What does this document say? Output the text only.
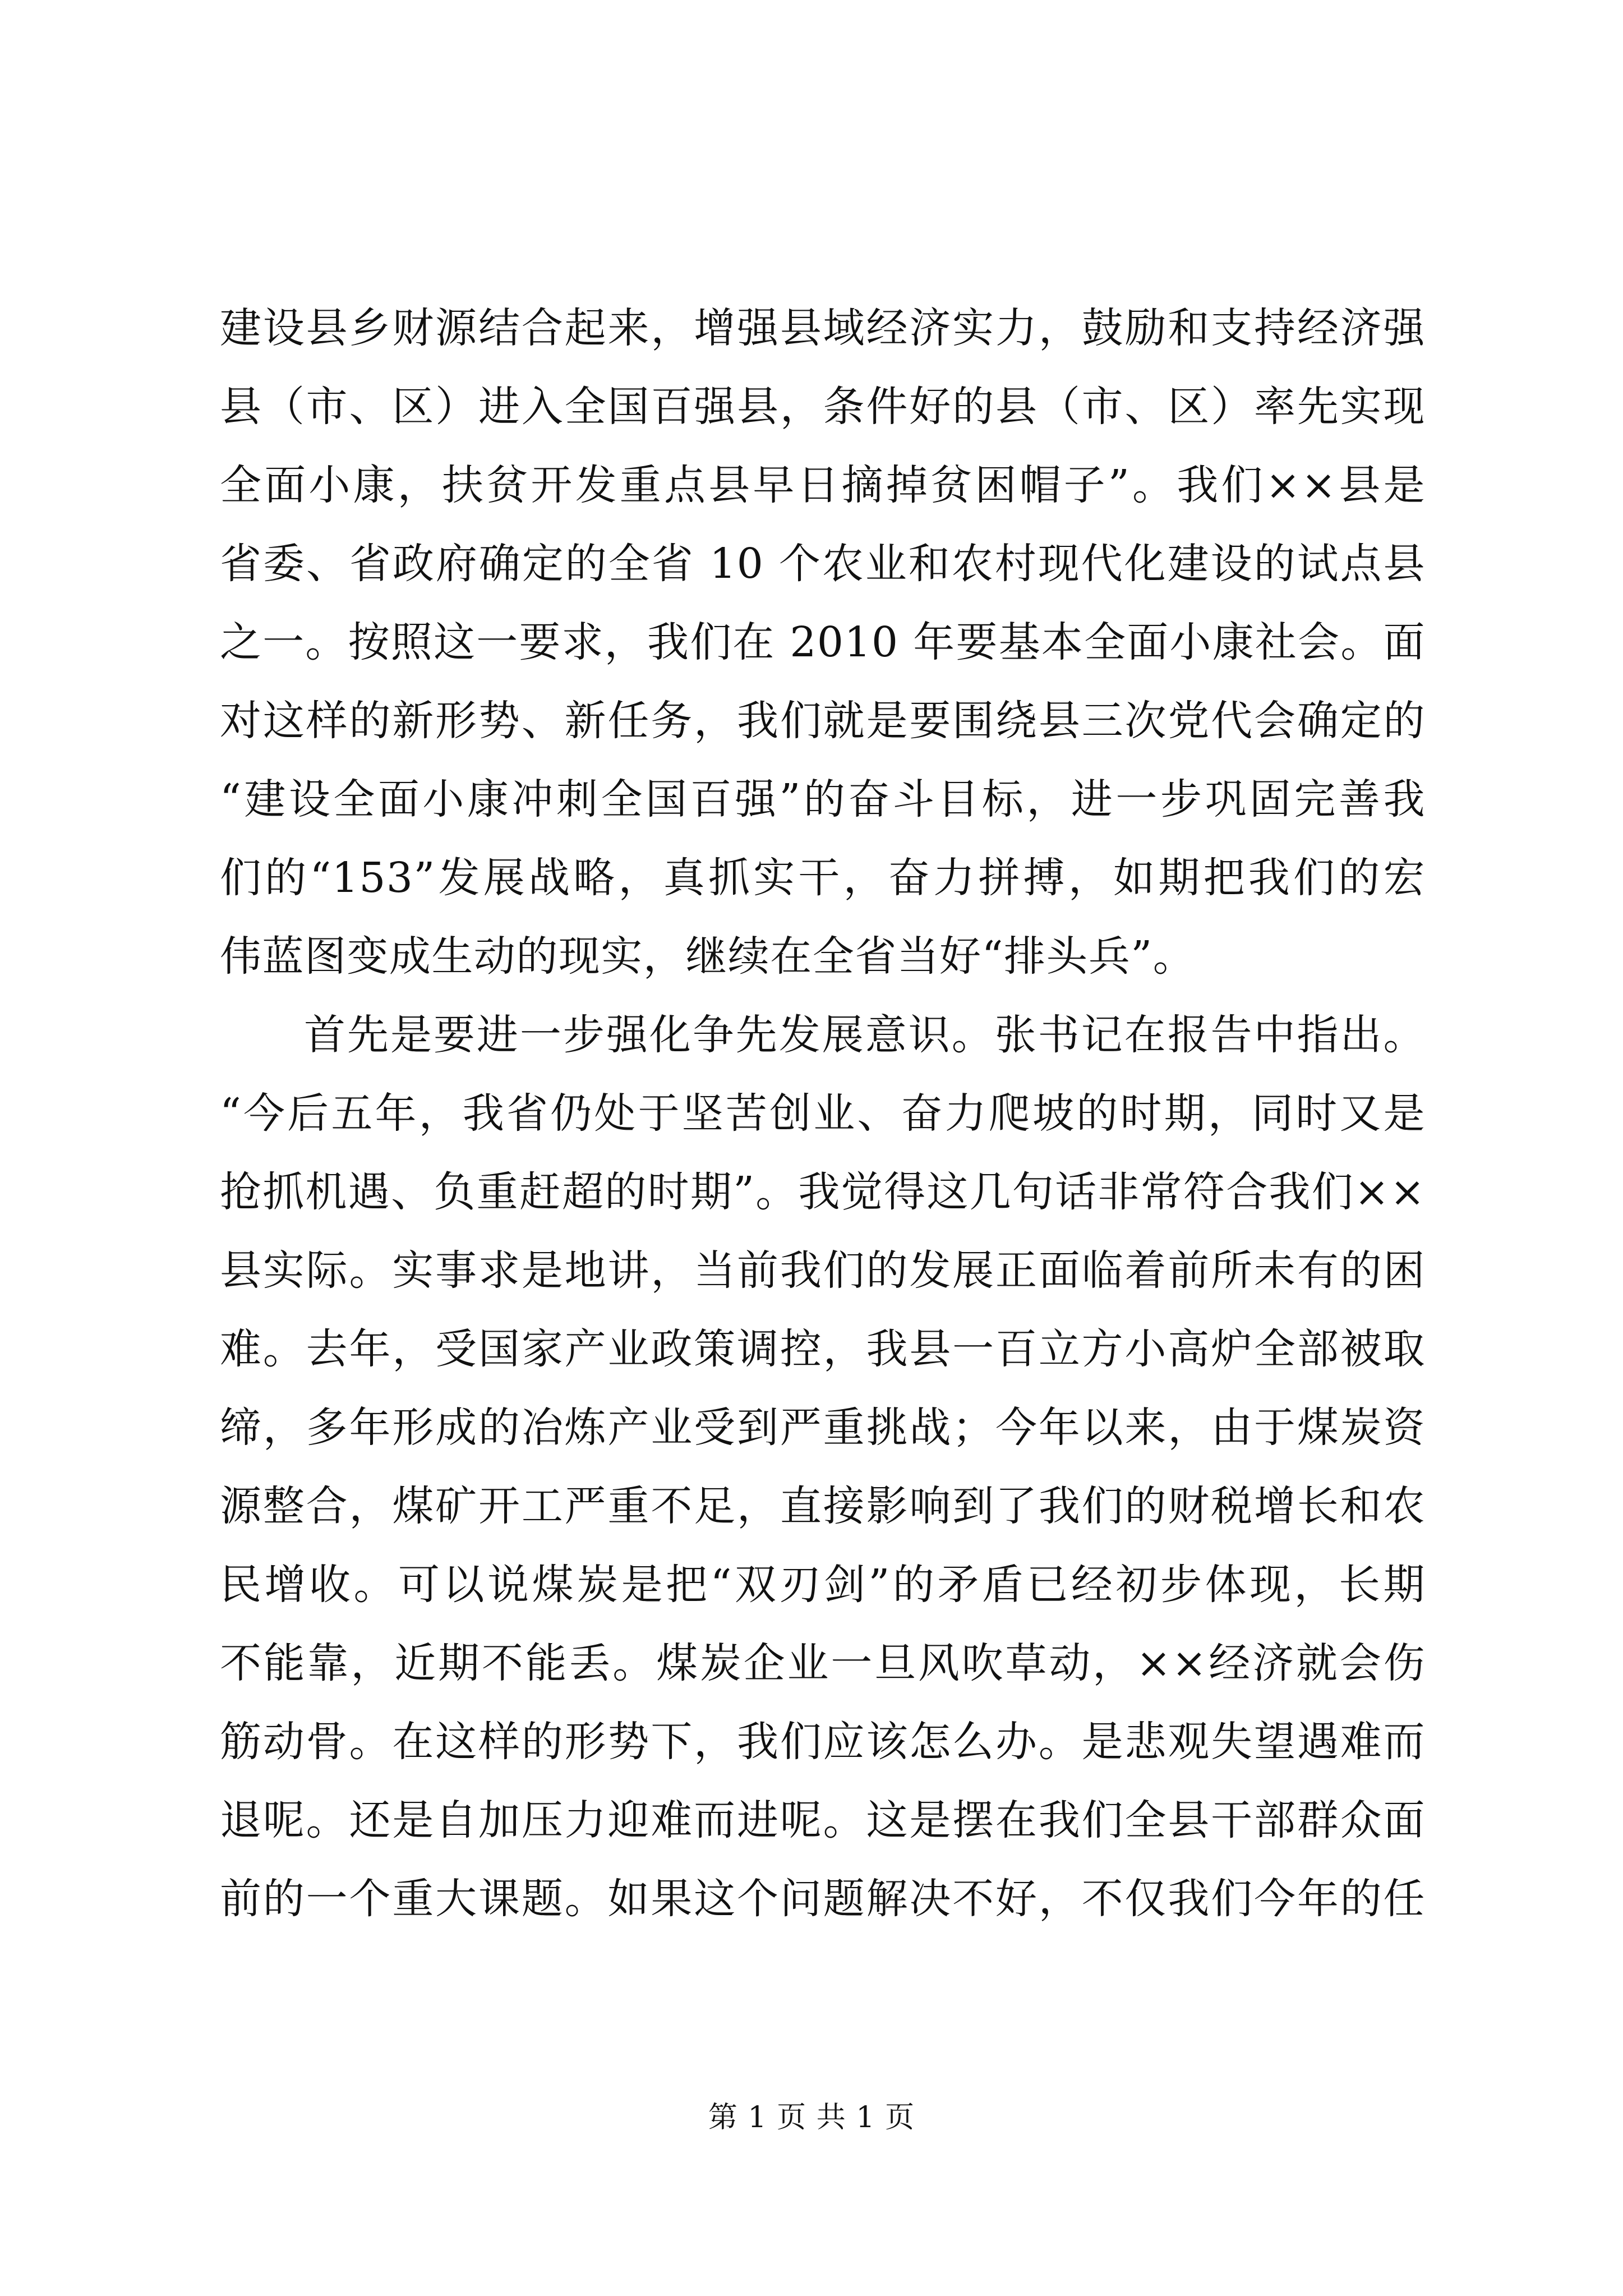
建设县乡财源结合起来，增强县域经济实力，鼓励和支持经济强
县（市、区）进入全国百强县，条件好的县（市、区）率先实现
全面小康，扶贫开发重点县早日摘掉贫困帽子”。我们××县是
省委、省政府确定的全省 10 个农业和农村现代化建设的试点县
之一。按照这一要求，我们在 2010 年要基本全面小康社会。面
对这样的新形势、新任务，我们就是要围绕县三次党代会确定的
“建设全面小康冲刺全国百强”的奋斗目标，进一步巩固完善我
们的“153”发展战略，真抓实干，奋力拼搏，如期把我们的宏
伟蓝图变成生动的现实，继续在全省当好“排头兵”。
首先是要进一步强化争先发展意识。张书记在报告中指出。
“今后五年，我省仍处于坚苦创业、奋力爬坡的时期，同时又是
抢抓机遇、负重赶超的时期”。我觉得这几句话非常符合我们××
县实际。实事求是地讲，当前我们的发展正面临着前所未有的困
难。去年，受国家产业政策调控，我县一百立方小高炉全部被取
缔，多年形成的冶炼产业受到严重挑战；今年以来，由于煤炭资
源整合，煤矿开工严重不足，直接影响到了我们的财税增长和农
民增收。可以说煤炭是把“双刃剑”的矛盾已经初步体现，长期
不能靠，近期不能丢。煤炭企业一旦风吹草动，××经济就会伤
筋动骨。在这样的形势下，我们应该怎么办。是悲观失望遇难而
退呢。还是自加压力迎难而进呢。这是摆在我们全县干部群众面
前的一个重大课题。如果这个问题解决不好，不仅我们今年的任
第 1 页 共 1 页
